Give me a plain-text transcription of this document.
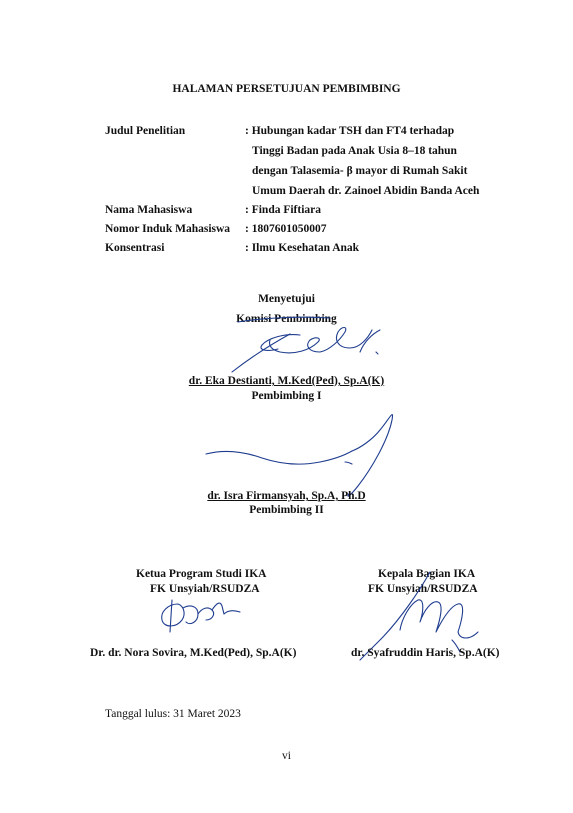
HALAMAN PERSETUJUAN PEMBIMBING
Judul Penelitian	: Hubungan kadar TSH dan FT4 terhadap
Tinggi Badan pada Anak Usia 8–18 tahun
dengan Talasemia- β mayor di Rumah Sakit
Umum Daerah dr. Zainoel Abidin Banda Aceh
Nama Mahasiswa	: Finda Fiftiara
Nomor Induk Mahasiswa : 1807601050007
Konsentrasi	: Ilmu Kesehatan Anak
Menyetujui
Komisi Pembimbing
dr. Eka Destianti, M.Ked(Ped), Sp.A(K)
Pembimbing I
dr. Isra Firmansyah, Sp.A, Ph.D
Pembimbing II
Ketua Program Studi IKA
FK Unsyiah/RSUDZA
Dr. dr. Nora Sovira, M.Ked(Ped), Sp.A(K)
Kepala Bagian IKA
FK Unsyiah/RSUDZA
dr. Syafruddin Haris, Sp.A(K)
Tanggal lulus: 31 Maret 2023
vi
